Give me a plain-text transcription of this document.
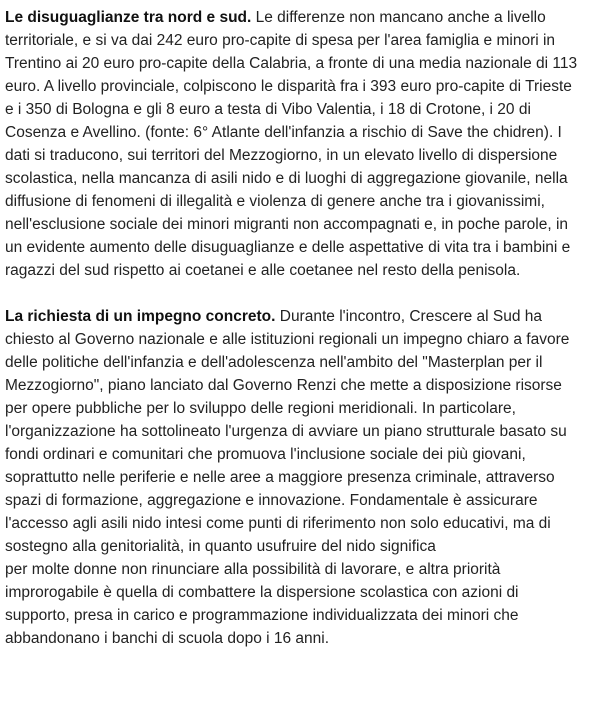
Le disuguaglianze tra nord e sud. Le differenze non mancano anche a livello territoriale, e si va dai 242 euro pro-capite di spesa per l'area famiglia e minori in Trentino ai 20 euro pro-capite della Calabria, a fronte di una media nazionale di 113 euro. A livello provinciale, colpiscono le disparità fra i 393 euro pro-capite di Trieste e i 350 di Bologna e gli 8 euro a testa di Vibo Valentia, i 18 di Crotone, i 20 di Cosenza e Avellino. (fonte: 6° Atlante dell'infanzia a rischio di Save the chidren). I dati si traducono, sui territori del Mezzogiorno, in un elevato livello di dispersione scolastica, nella mancanza di asili nido e di luoghi di aggregazione giovanile, nella diffusione di fenomeni di illegalità e violenza di genere anche tra i giovanissimi, nell'esclusione sociale dei minori migranti non accompagnati e, in poche parole, in un evidente aumento delle disuguaglianze e delle aspettative di vita tra i bambini e ragazzi del sud rispetto ai coetanei e alle coetanee nel resto della penisola.

La richiesta di un impegno concreto. Durante l'incontro, Crescere al Sud ha chiesto al Governo nazionale e alle istituzioni regionali un impegno chiaro a favore delle politiche dell'infanzia e dell'adolescenza nell'ambito del "Masterplan per il Mezzogiorno", piano lanciato dal Governo Renzi che mette a disposizione risorse per opere pubbliche per lo sviluppo delle regioni meridionali. In particolare, l'organizzazione ha sottolineato l'urgenza di avviare un piano strutturale basato su fondi ordinari e comunitari che promuova l'inclusione sociale dei più giovani, soprattutto nelle periferie e nelle aree a maggiore presenza criminale, attraverso spazi di formazione, aggregazione e innovazione. Fondamentale è assicurare l'accesso agli asili nido intesi come punti di riferimento non solo educativi, ma di sostegno alla genitorialità, in quanto usufruire del nido significa
per molte donne non rinunciare alla possibilità di lavorare, e altra priorità improrogabile è quella di combattere la dispersione scolastica con azioni di supporto, presa in carico e programmazione individualizzata dei minori che abbandonano i banchi di scuola dopo i 16 anni.
